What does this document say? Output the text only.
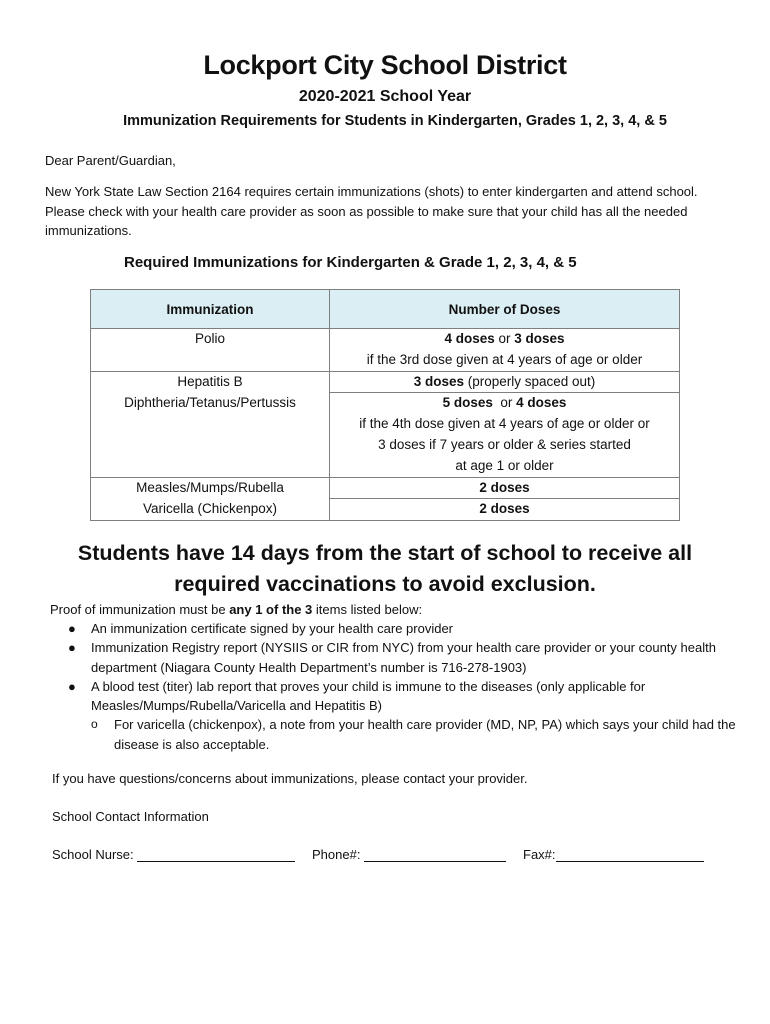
Lockport City School District
2020-2021 School Year
Immunization Requirements for Students in Kindergarten, Grades 1, 2, 3, 4, & 5
Dear Parent/Guardian,
New York State Law Section 2164 requires certain immunizations (shots) to enter kindergarten and attend school. Please check with your health care provider as soon as possible to make sure that your child has all the needed immunizations.
Required Immunizations for Kindergarten & Grade 1, 2, 3, 4, & 5
Immunization	Number of Doses
Polio	4 doses or 3 doses
if the 3rd dose given at 4 years of age or older
Hepatitis B	3 doses (properly spaced out)
Diphtheria/Tetanus/Pertussis	5 doses  or 4 doses
if the 4th dose given at 4 years of age or older or
3 doses if 7 years or older & series started
at age 1 or older
Measles/Mumps/Rubella	2 doses
Varicella (Chickenpox)	2 doses
Students have 14 days from the start of school to receive all
required vaccinations to avoid exclusion.
Proof of immunization must be any 1 of the 3 items listed below:
● An immunization certificate signed by your health care provider
● Immunization Registry report (NYSIIS or CIR from NYC) from your health care provider or your county health department (Niagara County Health Department’s number is 716-278-1903)
● A blood test (titer) lab report that proves your child is immune to the diseases (only applicable for Measles/Mumps/Rubella/Varicella and Hepatitis B)
o For varicella (chickenpox), a note from your health care provider (MD, NP, PA) which says your child had the disease is also acceptable.
If you have questions/concerns about immunizations, please contact your provider.
School Contact Information
School Nurse:	Phone#:	Fax#:
